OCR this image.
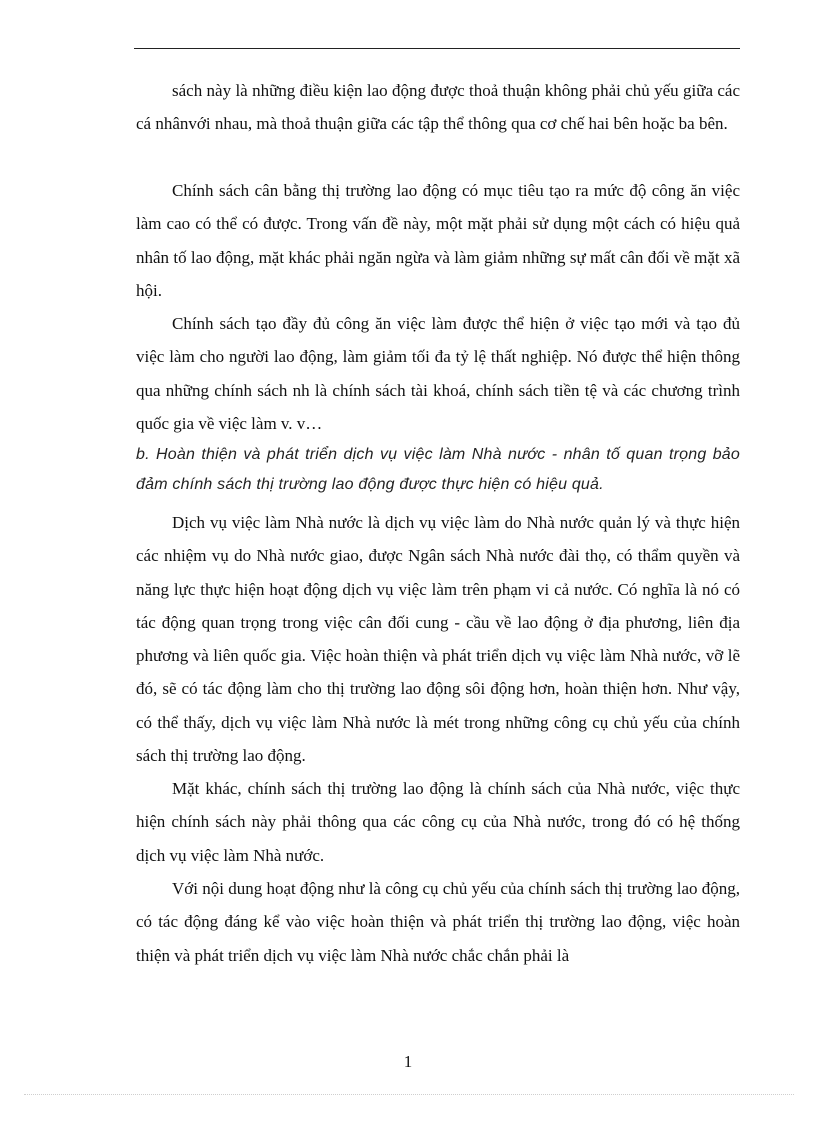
sách này là những điều kiện lao động được thoả thuận không phải chủ yếu giữa các cá nhânvới nhau, mà thoả thuận giữa các tập thể thông qua cơ chế hai bên hoặc ba bên.

Chính sách cân bằng thị trường lao động có mục tiêu tạo ra mức độ công ăn việc làm cao có thể có được. Trong vấn đề này, một mặt phải sử dụng một cách có hiệu quả nhân tố lao động, mặt khác phải ngăn ngừa và làm giảm những sự mất cân đối về mặt xã hội.

Chính sách tạo đầy đủ công ăn việc làm được thể hiện ở việc tạo mới và tạo đủ việc làm cho người lao động, làm giảm tối đa tỷ lệ thất nghiệp. Nó được thể hiện thông qua những chính sách nh là chính sách tài khoá, chính sách tiền tệ và các chương trình quốc gia về việc làm v. v…

b. Hoàn thiện và phát triển dịch vụ việc làm Nhà nước - nhân tố quan trọng bảo đảm chính sách thị trường lao động được thực hiện có hiệu quả.

Dịch vụ việc làm Nhà nước là dịch vụ việc làm do Nhà nước quản lý và thực hiện các nhiệm vụ do Nhà nước giao, được Ngân sách Nhà nước đài thọ, có thẩm quyền và năng lực thực hiện hoạt động dịch vụ việc làm trên phạm vi cả nước. Có nghĩa là nó có tác động quan trọng trong việc cân đối cung - cầu về lao động ở địa phương, liên địa phương và liên quốc gia. Việc hoàn thiện và phát triển dịch vụ việc làm Nhà nước, vỡ lẽ đó, sẽ có tác động làm cho thị trường lao động sôi động hơn, hoàn thiện hơn. Như vậy, có thể thấy, dịch vụ việc làm Nhà nước là mét trong những công cụ chủ yếu của chính sách thị trường lao động.

Mặt khác, chính sách thị trường lao động là chính sách của Nhà nước, việc thực hiện chính sách này phải thông qua các công cụ của Nhà nước, trong đó có hệ thống dịch vụ việc làm Nhà nước.

Với nội dung hoạt động như là công cụ chủ yếu của chính sách thị trường lao động, có tác động đáng kể vào việc hoàn thiện và phát triển thị trường lao động, việc hoàn thiện và phát triển dịch vụ việc làm Nhà nước chắc chắn phải là

1
